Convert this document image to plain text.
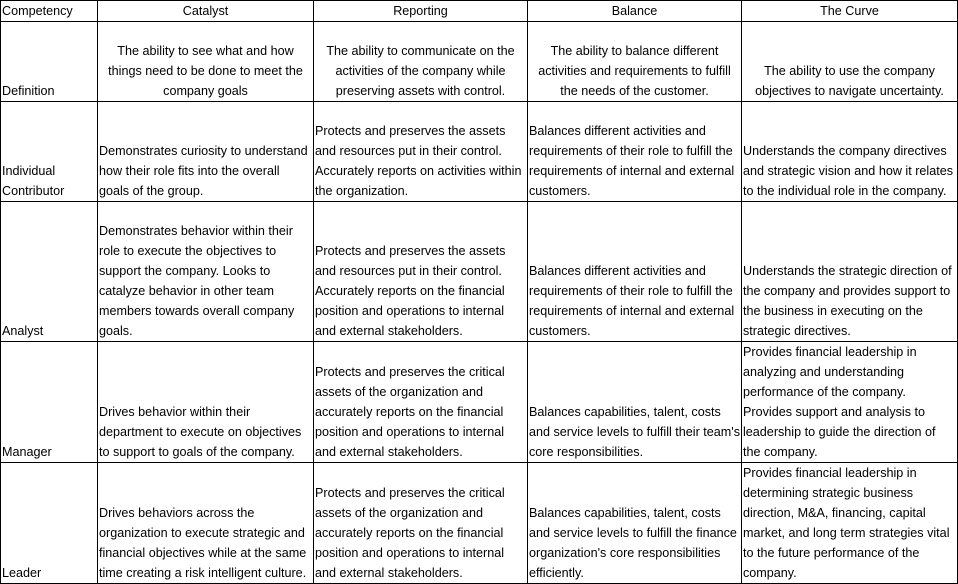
Competency	Catalyst	Reporting	Balance	The Curve
Definition	The ability to see what and how things need to be done to meet the company goals	The ability to communicate on the activities of the company while preserving assets with control.	The ability to balance different activities and requirements to fulfill the needs of the customer.	The ability to use the company objectives to navigate uncertainty.
Individual Contributor	Demonstrates curiosity to understand how their role fits into the overall goals of the group.	Protects and preserves the assets and resources put in their control. Accurately reports on activities within the organization.	Balances different activities and requirements of their role to fulfill the requirements of internal and external customers.	Understands the company directives and strategic vision and how it relates to the individual role in the company.
Analyst	Demonstrates behavior within their role to execute the objectives to support the company. Looks to catalyze behavior in other team members towards overall company goals.	Protects and preserves the assets and resources put in their control. Accurately reports on the financial position and operations to internal and external stakeholders.	Balances different activities and requirements of their role to fulfill the requirements of internal and external customers.	Understands the strategic direction of the company and provides support to the business in executing on the strategic directives.
Manager	Drives behavior within their department to execute on objectives to support to goals of the company.	Protects and preserves the critical assets of the organization and accurately reports on the financial position and operations to internal and external stakeholders.	Balances capabilities, talent, costs and service levels to fulfill their team's core responsibilities.	Provides financial leadership in analyzing and understanding performance of the company. Provides support and analysis to leadership to guide the direction of the company.
Leader	Drives behaviors across the organization to execute strategic and financial objectives while at the same time creating a risk intelligent culture.	Protects and preserves the critical assets of the organization and accurately reports on the financial position and operations to internal and external stakeholders.	Balances capabilities, talent, costs and service levels to fulfill the finance organization's core responsibilities efficiently.	Provides financial leadership in determining strategic business direction, M&A, financing, capital market, and long term strategies vital to the future performance of the company.
